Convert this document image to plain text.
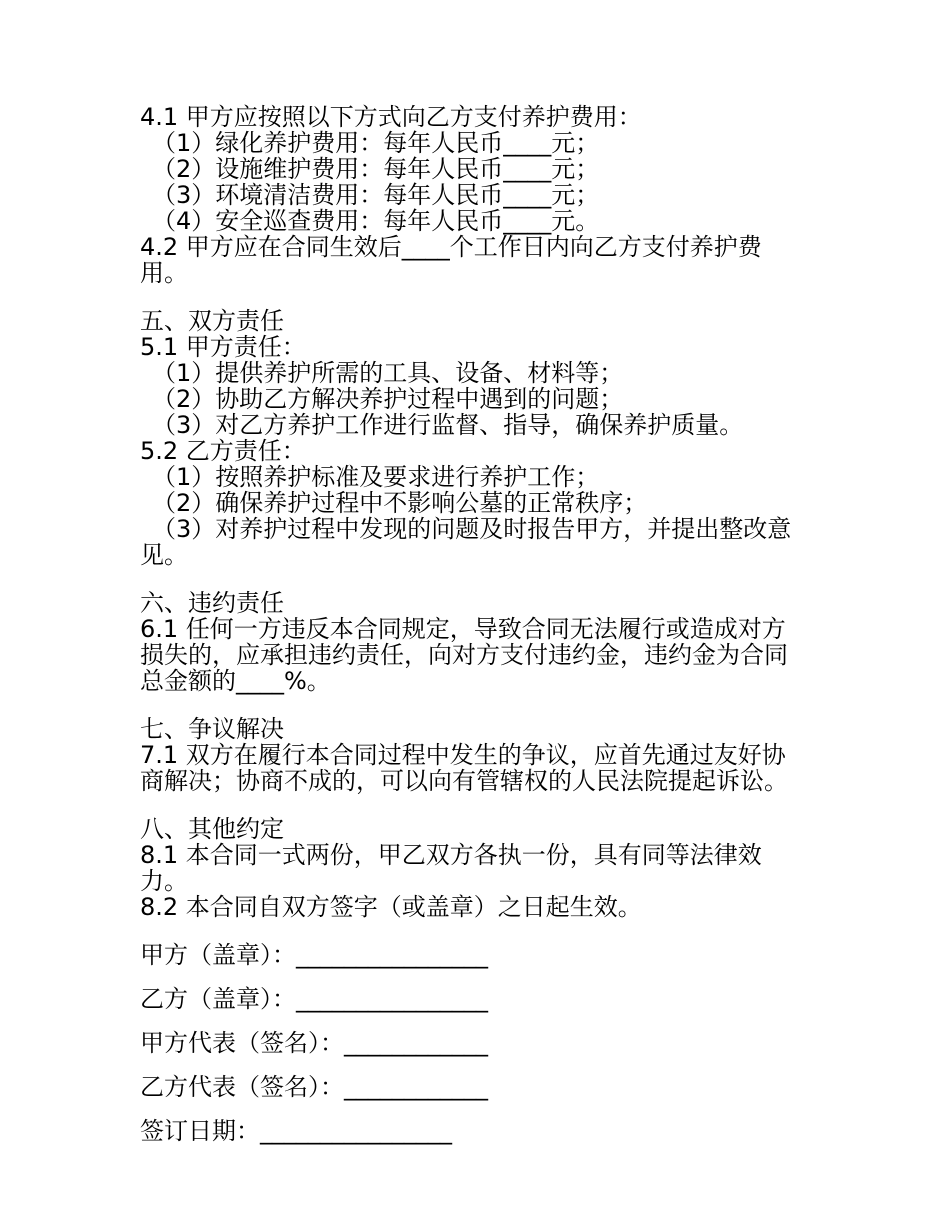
4.1 甲方应按照以下方式向乙方支付养护费用：

（1）绿化养护费用：每年人民币____元；

（2）设施维护费用：每年人民币____元；

（3）环境清洁费用：每年人民币____元；

（4）安全巡查费用：每年人民币____元。

4.2 甲方应在合同生效后____个工作日内向乙方支付养护费

用。

五、双方责任

5.1 甲方责任：

（1）提供养护所需的工具、设备、材料等；

（2）协助乙方解决养护过程中遇到的问题；

（3）对乙方养护工作进行监督、指导，确保养护质量。

5.2 乙方责任：

（1）按照养护标准及要求进行养护工作；

（2）确保养护过程中不影响公墓的正常秩序；

（3）对养护过程中发现的问题及时报告甲方，并提出整改意

见。

六、违约责任

6.1 任何一方违反本合同规定，导致合同无法履行或造成对方

损失的，应承担违约责任，向对方支付违约金，违约金为合同

总金额的____%。

七、争议解决

7.1 双方在履行本合同过程中发生的争议，应首先通过友好协

商解决；协商不成的，可以向有管辖权的人民法院提起诉讼。

八、其他约定

8.1 本合同一式两份，甲乙双方各执一份，具有同等法律效

力。

8.2 本合同自双方签字（或盖章）之日起生效。

甲方（盖章）：________________

乙方（盖章）：________________

甲方代表（签名）：____________

乙方代表（签名）：____________

签订日期：________________
